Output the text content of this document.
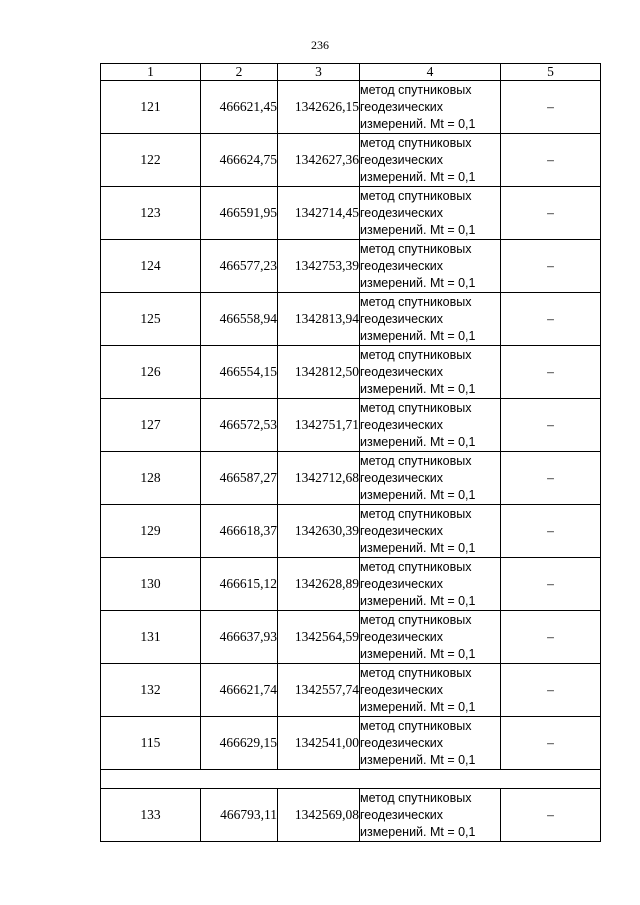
236
1	2	3	4	5
121	466621,45	1342626,15	метод спутниковых
геодезических
измерений. Mt = 0,1	–
122	466624,75	1342627,36	метод спутниковых
геодезических
измерений. Mt = 0,1	–
123	466591,95	1342714,45	метод спутниковых
геодезических
измерений. Mt = 0,1	–
124	466577,23	1342753,39	метод спутниковых
геодезических
измерений. Mt = 0,1	–
125	466558,94	1342813,94	метод спутниковых
геодезических
измерений. Mt = 0,1	–
126	466554,15	1342812,50	метод спутниковых
геодезических
измерений. Mt = 0,1	–
127	466572,53	1342751,71	метод спутниковых
геодезических
измерений. Mt = 0,1	–
128	466587,27	1342712,68	метод спутниковых
геодезических
измерений. Mt = 0,1	–
129	466618,37	1342630,39	метод спутниковых
геодезических
измерений. Mt = 0,1	–
130	466615,12	1342628,89	метод спутниковых
геодезических
измерений. Mt = 0,1	–
131	466637,93	1342564,59	метод спутниковых
геодезических
измерений. Mt = 0,1	–
132	466621,74	1342557,74	метод спутниковых
геодезических
измерений. Mt = 0,1	–
115	466629,15	1342541,00	метод спутниковых
геодезических
измерений. Mt = 0,1	–

133	466793,11	1342569,08	метод спутниковых
геодезических
измерений. Mt = 0,1	–
